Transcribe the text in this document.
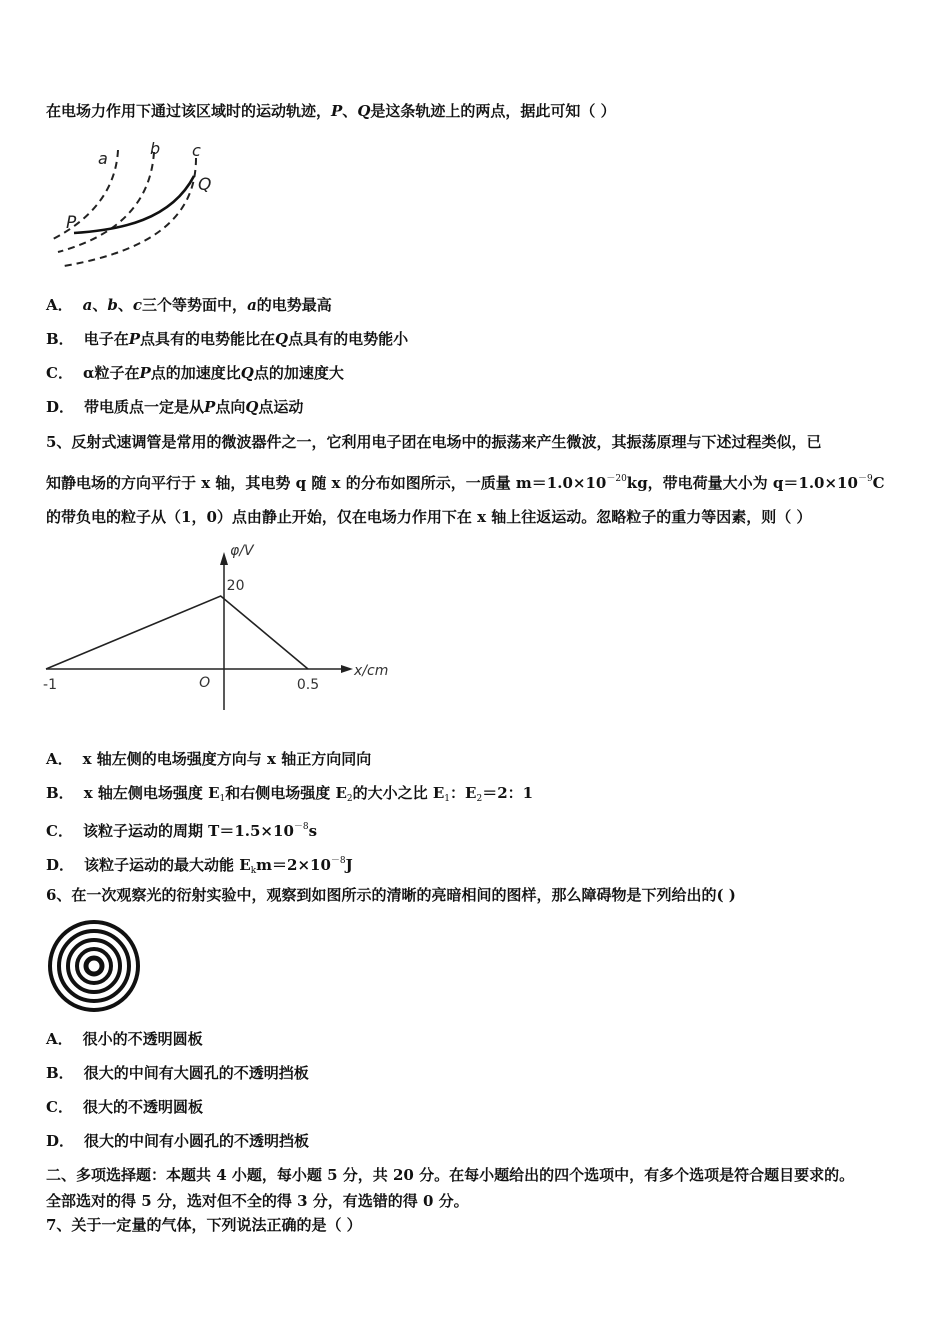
在电场力作用下通过该区域时的运动轨迹，P、Q是这条轨迹上的两点，据此可知（ ）
a
b c
Q
P
A． a、b、c三个等势面中，a的电势最高
B． 电子在P点具有的电势能比在Q点具有的电势能小
C． α粒子在P点的加速度比Q点的加速度大
D． 带电质点一定是从P点向Q点运动
5、反射式速调管是常用的微波器件之一，它利用电子团在电场中的振荡来产生微波，其振荡原理与下述过程类似，已
知静电场的方向平行于 x 轴，其电势 q 随 x 的分布如图所示，一质量 $m=1.0\times 10^{-20}kg$，带电荷量大小为 $q=1.0\times 10^{-9}C$
的带负电的粒子从（1，0）点由静止开始，仅在电场力作用下在 x 轴上往返运动。忽略粒子的重力等因素，则（ ）
φ/V
x/cm
20
-1	O	0.5
A． x 轴左侧的电场强度方向与 x 轴正方向同向
B． x 轴左侧电场强度 $E_1$和右侧电场强度 $E_2$的大小之比 $E_1$：$E_2=2$：1
C． 该粒子运动的周期 $T=1.5\times 10^{-8}s$
D． 该粒子运动的最大动能 $E_km=2\times 10^{-8}J$
6、在一次观察光的衍射实验中，观察到如图所示的清晰的亮暗相间的图样，那么障碍物是下列给出的( )
A． 很小的不透明圆板
B． 很大的中间有大圆孔的不透明挡板
C． 很大的不透明圆板
D． 很大的中间有小圆孔的不透明挡板
二、多项选择题：本题共 4 小题，每小题 5 分，共 20 分。在每小题给出的四个选项中，有多个选项是符合题目要求的。
全部选对的得 5 分，选对但不全的得 3 分，有选错的得 0 分。
7、关于一定量的气体，下列说法正确的是（ ）
